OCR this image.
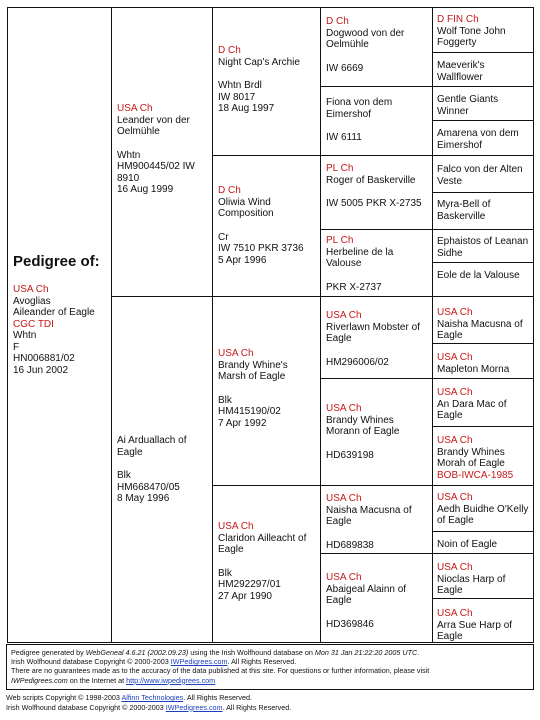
Pedigree of:
USA Ch
Avoglias
Aileander of Eagle
CGC TDI
Whtn
F
HN006881/02
16 Jun 2002
USA Ch
Leander von der Oelmühle
Whtn
HM900445/02 IW 8910
16 Aug 1999
Ai Arduallach of Eagle
Blk
HM668470/05
8 May 1996
D Ch
Night Cap's Archie
Whtn Brdl
IW 8017
18 Aug 1997
D Ch
Oliwia Wind Composition
Cr
IW 7510 PKR 3736
5 Apr 1996
USA Ch
Brandy Whine's Marsh of Eagle
Blk
HM415190/02
7 Apr 1992
USA Ch
Claridon Ailleacht of Eagle
Blk
HM292297/01
27 Apr 1990
D Ch
Dogwood von der Oelmühle
IW 6669
Fiona von dem Eimershof
IW 6111
PL Ch
Roger of Baskerville
IW 5005 PKR X-2735
PL Ch
Herbeline de la Valouse
PKR X-2737
USA Ch
Riverlawn Mobster of Eagle
HM296006/02
USA Ch
Brandy Whines Morann of Eagle
HD639198
USA Ch
Naisha Macusna of Eagle
HD689838
USA Ch
Abaigeal Alainn of Eagle
HD369846
D FIN Ch
Wolf Tone John Foggerty
Maeverik's Wallflower
Gentle Giants Winner
Amarena von dem Eimershof
Falco von der Alten Veste
Myra-Bell of Baskerville
Ephaistos of Leanan Sidhe
Eole de la Valouse
USA Ch
Naisha Macusna of Eagle
USA Ch
Mapleton Morna
USA Ch
An Dara Mac of Eagle
USA Ch
Brandy Whines Morah of Eagle
BOB-IWCA-1985
USA Ch
Aedh Buidhe O'Kelly of Eagle
Noin of Eagle
USA Ch
Nioclas Harp of Eagle
USA Ch
Arra Sue Harp of Eagle
Pedigree generated by WebGeneal 4.6.21 (2002.09.23) using the Irish Wolfhound database on Mon 31 Jan 21:22:20 2005 UTC.
Irish Wolfhound database Copyright © 2000-2003 IWPedigrees.com. All Rights Reserved.
There are no guarantees made as to the accuracy of the data published at this site. For questions or further information, please visit
IWPedigrees.com on the Internet at http://www.iwpedigrees.com
Web scripts Copyright © 1998-2003 Alfinn Technologies. All Rights Reserved.
Irish Wolfhound database Copyright © 2000-2003 IWPedigrees.com. All Rights Reserved.
